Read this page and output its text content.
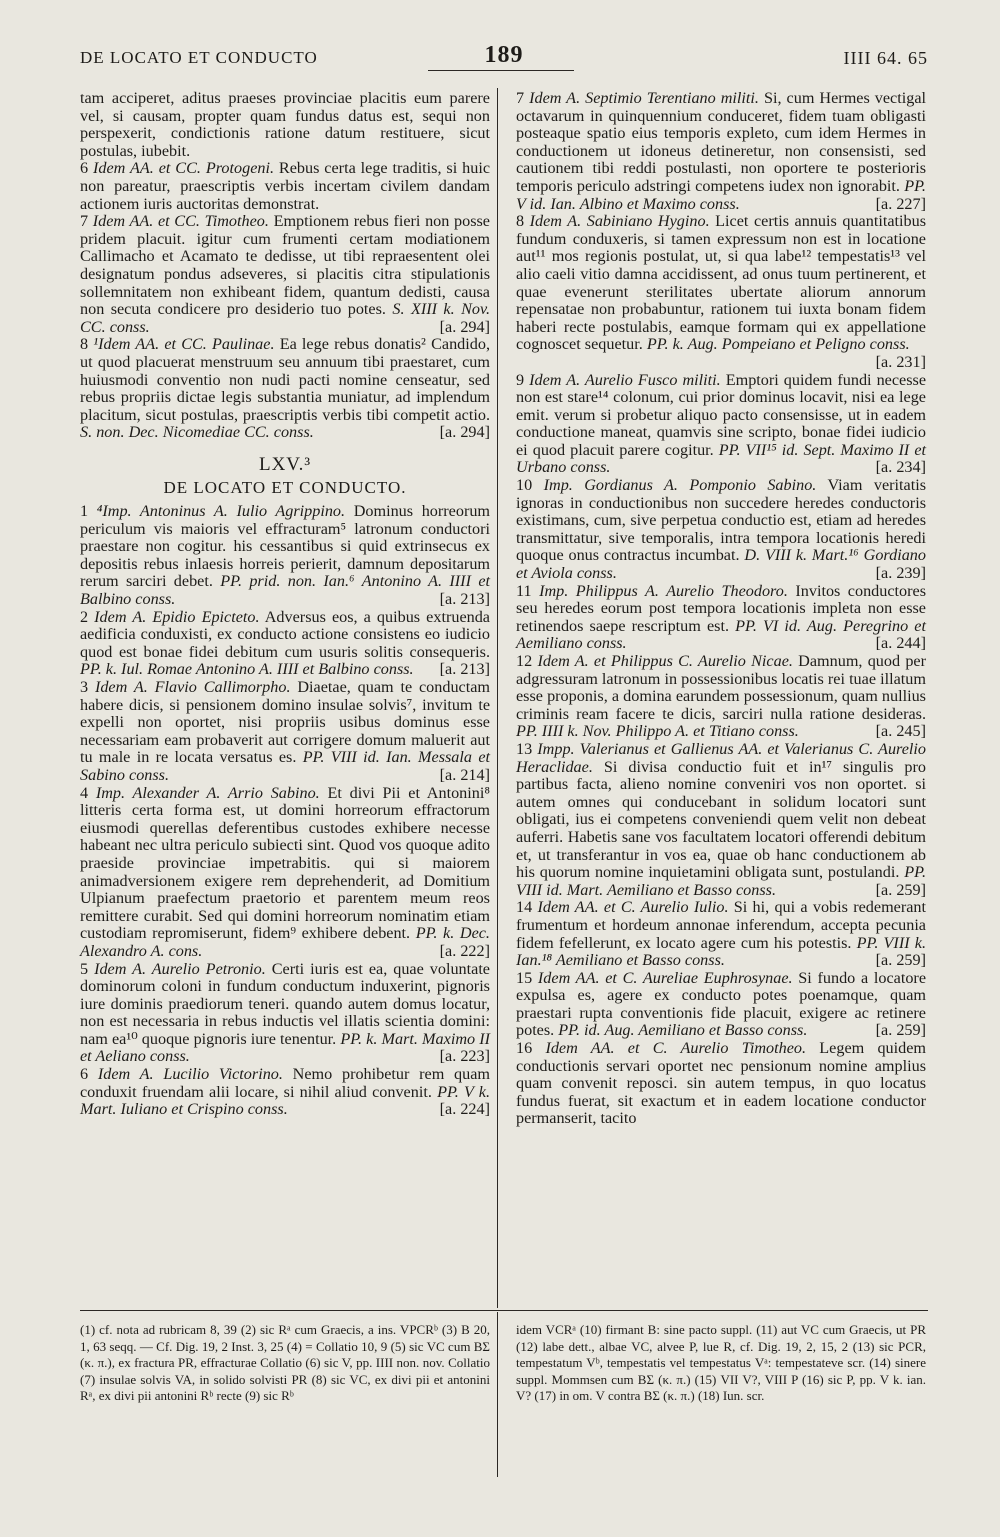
DE LOCATO ET CONDUCTO	189	IIII 64. 65

tam acciperet, aditus praeses provinciae placitis eum parere vel, si causam, propter quam fundus datus est, sequi non perspexerit, condictionis ratione datum restituere, sicut postulas, iubebit.

6 Idem AA. et CC. Protogeni. Rebus certa lege traditis, si huic non pareatur, praescriptis verbis incertam civilem dandam actionem iuris auctoritas demonstrat.

7 Idem AA. et CC. Timotheo. Emptionem rebus fieri non posse pridem placuit. igitur cum frumenti certam modiationem Callimacho et Acamato te dedisse, ut tibi repraesentent olei designatum pondus adseveres, si placitis citra stipulationis sollemnitatem non exhibeant fidem, quantum dedisti, causa non secuta condicere pro desiderio tuo potes. S. XIII k. Nov. CC. conss.	[a. 294]

8 ¹Idem AA. et CC. Paulinae. Ea lege rebus donatis² Candido, ut quod placuerat menstruum seu annuum tibi praestaret, cum huiusmodi conventio non nudi pacti nomine censeatur, sed rebus propriis dictae legis substantia muniatur, ad implendum placitum, sicut postulas, praescriptis verbis tibi competit actio. S. non. Dec. Nicomediae CC. conss.	[a. 294]

LXV.³
DE LOCATO ET CONDUCTO.

1 ⁴Imp. Antoninus A. Iulio Agrippino. Dominus horreorum periculum vis maioris vel effracturam⁵ latronum conductori praestare non cogitur. his cessantibus si quid extrinsecus ex depositis rebus inlaesis horreis perierit, damnum depositarum rerum sarciri debet. PP. prid. non. Ian.⁶ Antonino A. IIII et Balbino conss.	[a. 213]

2 Idem A. Epidio Epicteto. Adversus eos, a quibus extruenda aedificia conduxisti, ex conducto actione consistens eo iudicio quod est bonae fidei debitum cum usuris solitis consequeris. PP. k. Iul. Romae Antonino A. IIII et Balbino conss. [a. 213]

3 Idem A. Flavio Callimorpho. Diaetae, quam te conductam habere dicis, si pensionem domino insulae solvis⁷, invitum te expelli non oportet, nisi propriis usibus dominus esse necessariam eam probaverit aut corrigere domum maluerit aut tu male in re locata versatus es. PP. VIII id. Ian. Messala et Sabino conss.	[a. 214]

4 Imp. Alexander A. Arrio Sabino. Et divi Pii et Antonini⁸ litteris certa forma est, ut domini horreorum effractorum eiusmodi querellas deferentibus custodes exhibere necesse habeant nec ultra periculo subiecti sint. Quod vos quoque adito praeside provinciae impetrabitis. qui si maiorem animadversionem exigere rem deprehenderit, ad Domitium Ulpianum praefectum praetorio et parentem meum reos remittere curabit. Sed qui domini horreorum nominatim etiam custodiam repromiserunt, fidem⁹ exhibere debent. PP. k. Dec. Alexandro A. cons.	[a. 222]

5 Idem A. Aurelio Petronio. Certi iuris est ea, quae voluntate dominorum coloni in fundum conductum induxerint, pignoris iure dominis praediorum teneri. quando autem domus locatur, non est necessaria in rebus inductis vel illatis scientia domini: nam ea¹⁰ quoque pignoris iure tenentur. PP. k. Mart. Maximo II et Aeliano conss.	[a. 223]

6 Idem A. Lucilio Victorino. Nemo prohibetur rem quam conduxit fruendam alii locare, si nihil aliud convenit. PP. V k. Mart. Iuliano et Crispino conss.	[a. 224]

7 Idem A. Septimio Terentiano militi. Si, cum Hermes vectigal octavarum in quinquennium conduceret, fidem tuam obligasti posteaque spatio eius temporis expleto, cum idem Hermes in conductionem ut idoneus detineretur, non consensisti, sed cautionem tibi reddi postulasti, non oportere te posterioris temporis periculo adstringi competens iudex non ignorabit. PP. V id. Ian. Albino et Maximo conss.	[a. 227]

8 Idem A. Sabiniano Hygino. Licet certis annuis quantitatibus fundum conduxeris, si tamen expressum non est in locatione aut¹¹ mos regionis postulat, ut, si qua labe¹² tempestatis¹³ vel alio caeli vitio damna accidissent, ad onus tuum pertinerent, et quae evenerunt sterilitates ubertate aliorum annorum repensatae non probabuntur, rationem tui iuxta bonam fidem haberi recte postulabis, eamque formam qui ex appellatione cognoscet sequetur. PP. k. Aug. Pompeiano et Peligno conss.
[a. 231]

9 Idem A. Aurelio Fusco militi. Emptori quidem fundi necesse non est stare¹⁴ colonum, cui prior dominus locavit, nisi ea lege emit. verum si probetur aliquo pacto consensisse, ut in eadem conductione maneat, quamvis sine scripto, bonae fidei iudicio ei quod placuit parere cogitur. PP. VII¹⁵ id. Sept. Maximo II et Urbano conss.	[a. 234]

10 Imp. Gordianus A. Pomponio Sabino. Viam veritatis ignoras in conductionibus non succedere heredes conductoris existimans, cum, sive perpetua conductio est, etiam ad heredes transmittatur, sive temporalis, intra tempora locationis heredi quoque onus contractus incumbat. D. VIII k. Mart.¹⁶ Gordiano et Aviola conss.	[a. 239]

11 Imp. Philippus A. Aurelio Theodoro. Invitos conductores seu heredes eorum post tempora locationis impleta non esse retinendos saepe rescriptum est. PP. VI id. Aug. Peregrino et Aemiliano conss.	[a. 244]

12 Idem A. et Philippus C. Aurelio Nicae. Damnum, quod per adgressuram latronum in possessionibus locatis rei tuae illatum esse proponis, a domina earundem possessionum, quam nullius criminis ream facere te dicis, sarciri nulla ratione desideras. PP. IIII k. Nov. Philippo A. et Titiano conss.	[a. 245]

13 Impp. Valerianus et Gallienus AA. et Valerianus C. Aurelio Heraclidae. Si divisa conductio fuit et in¹⁷ singulis pro partibus facta, alieno nomine conveniri vos non oportet. si autem omnes qui conducebant in solidum locatori sunt obligati, ius ei competens conveniendi quem velit non debeat auferri. Habetis sane vos facultatem locatori offerendi debitum et, ut transferantur in vos ea, quae ob hanc conductionem ab his quorum nomine inquietamini obligata sunt, postulandi. PP. VIII id. Mart. Aemiliano et Basso conss.	[a. 259]

14 Idem AA. et C. Aurelio Iulio. Si hi, qui a vobis redemerant frumentum et hordeum annonae inferendum, accepta pecunia fidem fefellerunt, ex locato agere cum his potestis. PP. VIII k. Ian.¹⁸ Aemiliano et Basso conss.	[a. 259]

15 Idem AA. et C. Aureliae Euphrosynae. Si fundo a locatore expulsa es, agere ex conducto potes poenamque, quam praestari rupta conventionis fide placuit, exigere ac retinere potes. PP. id. Aug. Aemiliano et Basso conss.	[a. 259]

16 Idem AA. et C. Aurelio Timotheo. Legem quidem conductionis servari oportet nec pensionum nomine amplius quam convenit reposci. sin autem tempus, in quo locatus fundus fuerat, sit exactum et in eadem locatione conductor permanserit, tacito

(1) cf. nota ad rubricam 8, 39 (2) sic Rᵃ cum Graecis, a ins. VPCRᵇ (3) B 20, 1, 63 seqq. — Cf. Dig. 19, 2 Inst. 3, 25 (4) = Collatio 10, 9 (5) sic VC cum BΣ (κ. π.), ex fractura PR, effracturae Collatio (6) sic V, pp. IIII non. nov. Collatio (7) insulae solvis VA, in solido solvisti PR (8) sic VC, ex divi pii et antonini Rᵃ, ex divi pii antonini Rᵇ recte (9) sic Rᵇ
idem VCRᵃ (10) firmant B: sine pacto suppl. (11) aut VC cum Graecis, ut PR (12) labe dett., albae VC, alvee P, lue R, cf. Dig. 19, 2, 15, 2 (13) sic PCR, tempestatum Vᵇ, tempestatis vel tempestatus Vᵃ: tempestateve scr. (14) sinere suppl. Mommsen cum BΣ (κ. π.) (15) VII V?, VIII P (16) sic P, pp. V k. ian. V? (17) in om. V contra BΣ (κ. π.) (18) Iun. scr.
